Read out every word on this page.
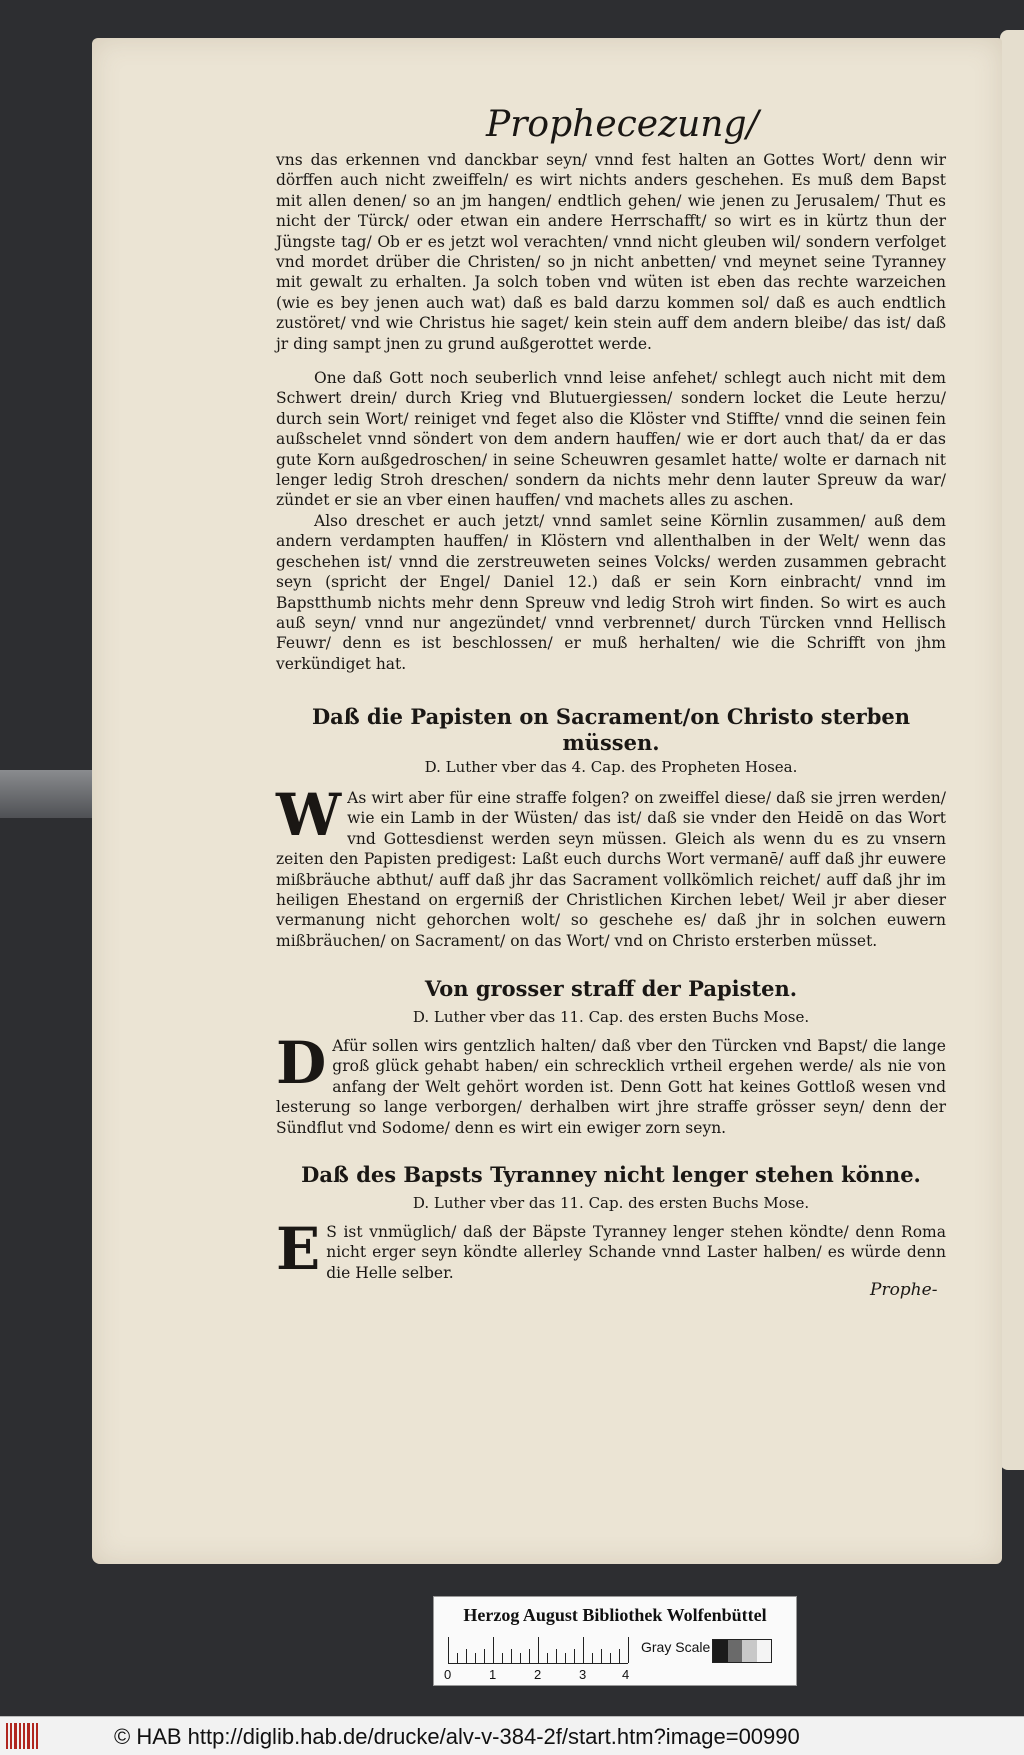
Prophecezung/
vns das erkennen vnd danckbar seyn/ vnnd fest halten an Gottes Wort/ denn wir dörffen auch nicht zweiffeln/ es wirt nichts anders geschehen. Es muß dem Bapst mit allen denen/ so an jm hangen/ endtlich gehen/ wie jenen zu Jerusalem/ Thut es nicht der Türck/ oder etwan ein andere Herrschafft/ so wirt es in kürtz thun der Jüngste tag/ Ob er es jetzt wol verachten/ vnnd nicht gleuben wil/ sondern verfolget vnd mordet drüber die Christen/ so jn nicht anbetten/ vnd meynet seine Tyranney mit gewalt zu erhalten. Ja solch toben vnd wüten ist eben das rechte warzeichen (wie es bey jenen auch wat) daß es bald darzu kommen sol/ daß es auch endtlich zustöret/ vnd wie Christus hie saget/ kein stein auff dem andern bleibe/ das ist/ daß jr ding sampt jnen zu grund außgerottet werde.
One daß Gott noch seuberlich vnnd leise anfehet/ schlegt auch nicht mit dem Schwert drein/ durch Krieg vnd Blutuergiessen/ sondern locket die Leute herzu/ durch sein Wort/ reiniget vnd feget also die Klöster vnd Stiffte/ vnnd die seinen fein außschelet vnnd söndert von dem andern hauffen/ wie er dort auch that/ da er das gute Korn außgedroschen/ in seine Scheuwren gesamlet hatte/ wolte er darnach nit lenger ledig Stroh dreschen/ sondern da nichts mehr denn lauter Spreuw da war/ zündet er sie an vber einen hauffen/ vnd machets alles zu aschen.
Also dreschet er auch jetzt/ vnnd samlet seine Körnlin zusammen/ auß dem andern verdampten hauffen/ in Klöstern vnd allenthalben in der Welt/ wenn das geschehen ist/ vnnd die zerstreuweten seines Volcks/ werden zusammen gebracht seyn (spricht der Engel/ Daniel 12.) daß er sein Korn einbracht/ vnnd im Bapstthumb nichts mehr denn Spreuw vnd ledig Stroh wirt finden. So wirt es auch auß seyn/ vnnd nur angezündet/ vnnd verbrennet/ durch Türcken vnnd Hellisch Feuwr/ denn es ist beschlossen/ er muß herhalten/ wie die Schrifft von jhm verkündiget hat.
Daß die Papisten on Sacrament/on Christo sterben
müssen.
D. Luther vber das 4. Cap. des Propheten Hosea.
W As wirt aber für eine straffe folgen? on zweiffel diese/ daß sie jrren werden/ wie ein Lamb in der Wüsten/ das ist/ daß sie vnder den Heidē on das Wort vnd Gottesdienst werden seyn müssen. Gleich als wenn du es zu vnsern zeiten den Papisten predigest: Laßt euch durchs Wort vermanē/ auff daß jhr euwere mißbräuche abthut/ auff daß jhr das Sacrament vollkömlich reichet/ auff daß jhr im heiligen Ehestand on ergerniß der Christlichen Kirchen lebet/ Weil jr aber dieser vermanung nicht gehorchen wolt/ so geschehe es/ daß jhr in solchen euwern mißbräuchen/ on Sacrament/ on das Wort/ vnd on Christo ersterben müsset.
Von grosser straff der Papisten.
D. Luther vber das 11. Cap. des ersten Buchs Mose.
D Afür sollen wirs gentzlich halten/ daß vber den Türcken vnd Bapst/ die lange groß glück gehabt haben/ ein schrecklich vrtheil ergehen werde/ als nie von anfang der Welt gehört worden ist. Denn Gott hat keines Gottloß wesen vnd lesterung so lange verborgen/ derhalben wirt jhre straffe grösser seyn/ denn der Sündflut vnd Sodome/ denn es wirt ein ewiger zorn seyn.
Daß des Bapsts Tyranney nicht lenger stehen könne.
D. Luther vber das 11. Cap. des ersten Buchs Mose.
E S ist vnmüglich/ daß der Bäpste Tyranney lenger stehen köndte/ denn Roma nicht erger seyn köndte allerley Schande vnnd Laster halben/ es würde denn die Helle selber.
Prophe-
Herzog August Bibliothek Wolfenbüttel
0	1	2	3	4
Gray Scale
© HAB http://diglib.hab.de/drucke/alv-v-384-2f/start.htm?image=00990
